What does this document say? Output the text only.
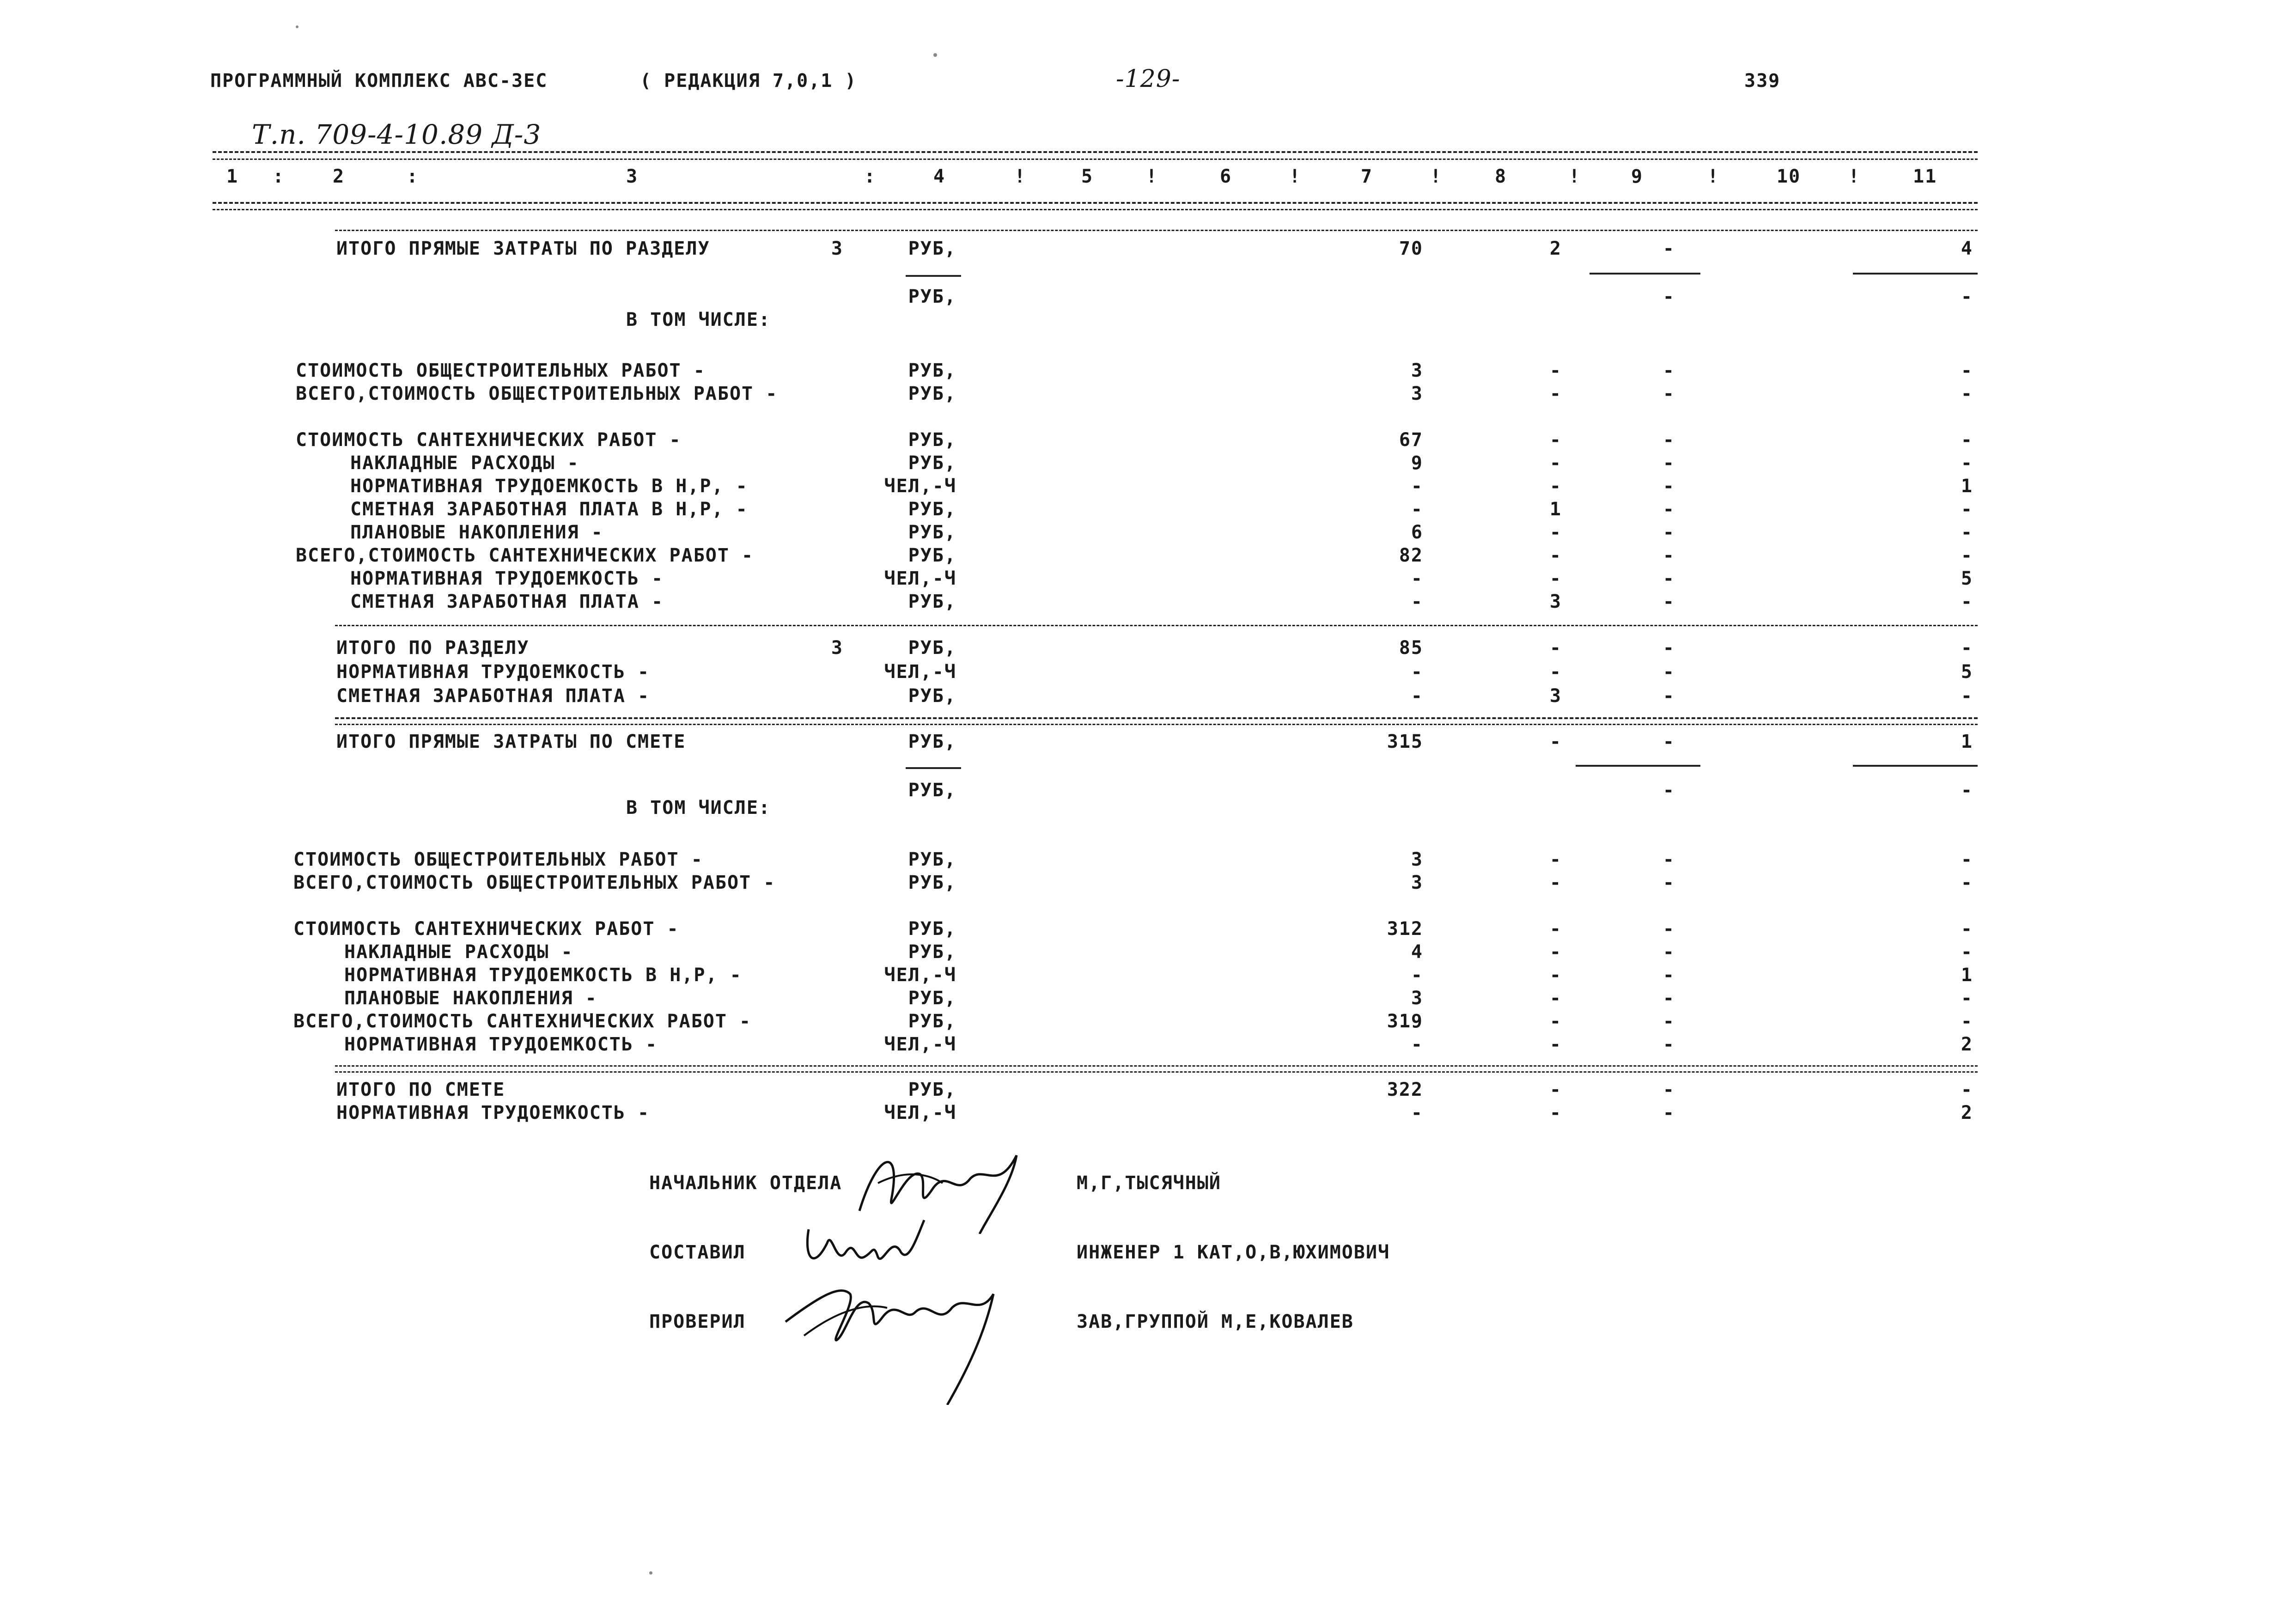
ПРОГРАММНЫЙ КОМПЛЕКС АВС-3ЕС	( РЕДАКЦИЯ 7,0,1 )	-129-	339
Т.п. 709-4-10.89 Д-3
1 :	2	:	3	:	4	!	5	!	6	!	7	!	8	!	9	!	10	!	11
ИТОГО ПРЯМЫЕ ЗАТРАТЫ ПО РАЗДЕЛУ	3	РУБ,	70	2	-	4
РУБ,	-	-
В ТОМ ЧИСЛЕ:
СТОИМОСТЬ ОБЩЕСТРОИТЕЛЬНЫХ РАБОТ -	РУБ,	3	-	-	-
ВСЕГО,СТОИМОСТЬ ОБЩЕСТРОИТЕЛЬНЫХ РАБОТ -	РУБ,	3	-	-	-
СТОИМОСТЬ САНТЕХНИЧЕСКИХ РАБОТ -	РУБ,	67	-	-	-
НАКЛАДНЫЕ РАСХОДЫ -	РУБ,	9	-	-	-
НОРМАТИВНАЯ ТРУДОЕМКОСТЬ В Н,Р, -	ЧЕЛ,-Ч	-	-	-	1
СМЕТНАЯ ЗАРАБОТНАЯ ПЛАТА В Н,Р, -	РУБ,	-	1	-	-
ПЛАНОВЫЕ НАКОПЛЕНИЯ -	РУБ,	6	-	-	-
ВСЕГО,СТОИМОСТЬ САНТЕХНИЧЕСКИХ РАБОТ -	РУБ,	82	-	-	-
НОРМАТИВНАЯ ТРУДОЕМКОСТЬ -	ЧЕЛ,-Ч	-	-	-	5
СМЕТНАЯ ЗАРАБОТНАЯ ПЛАТА -	РУБ,	-	3	-	-
ИТОГО ПО РАЗДЕЛУ	3	РУБ,	85	-	-	-
НОРМАТИВНАЯ ТРУДОЕМКОСТЬ -	ЧЕЛ,-Ч	-	-	-	5
СМЕТНАЯ ЗАРАБОТНАЯ ПЛАТА -	РУБ,	-	3	-	-
ИТОГО ПРЯМЫЕ ЗАТРАТЫ ПО СМЕТЕ	РУБ,	315	-	-	1
РУБ,	-	-
В ТОМ ЧИСЛЕ:
СТОИМОСТЬ ОБЩЕСТРОИТЕЛЬНЫХ РАБОТ -	РУБ,	3	-	-	-
ВСЕГО,СТОИМОСТЬ ОБЩЕСТРОИТЕЛЬНЫХ РАБОТ -	РУБ,	3	-	-	-
СТОИМОСТЬ САНТЕХНИЧЕСКИХ РАБОТ -	РУБ,	312	-	-	-
НАКЛАДНЫЕ РАСХОДЫ -	РУБ,	4	-	-	-
НОРМАТИВНАЯ ТРУДОЕМКОСТЬ В Н,Р, -	ЧЕЛ,-Ч	-	-	-	1
ПЛАНОВЫЕ НАКОПЛЕНИЯ -	РУБ,	3	-	-	-
ВСЕГО,СТОИМОСТЬ САНТЕХНИЧЕСКИХ РАБОТ -	РУБ,	319	-	-	-
НОРМАТИВНАЯ ТРУДОЕМКОСТЬ -	ЧЕЛ,-Ч	-	-	-	2
ИТОГО ПО СМЕТЕ	РУБ,	322	-	-	-
НОРМАТИВНАЯ ТРУДОЕМКОСТЬ -	ЧЕЛ,-Ч	-	-	-	2
НАЧАЛЬНИК ОТДЕЛА	М,Г,ТЫСЯЧНЫЙ
СОСТАВИЛ	ИНЖЕНЕР 1 КАТ,О,В,ЮХИМОВИЧ
ПРОВЕРИЛ	ЗАВ,ГРУППОЙ М,Е,КОВАЛЕВ
